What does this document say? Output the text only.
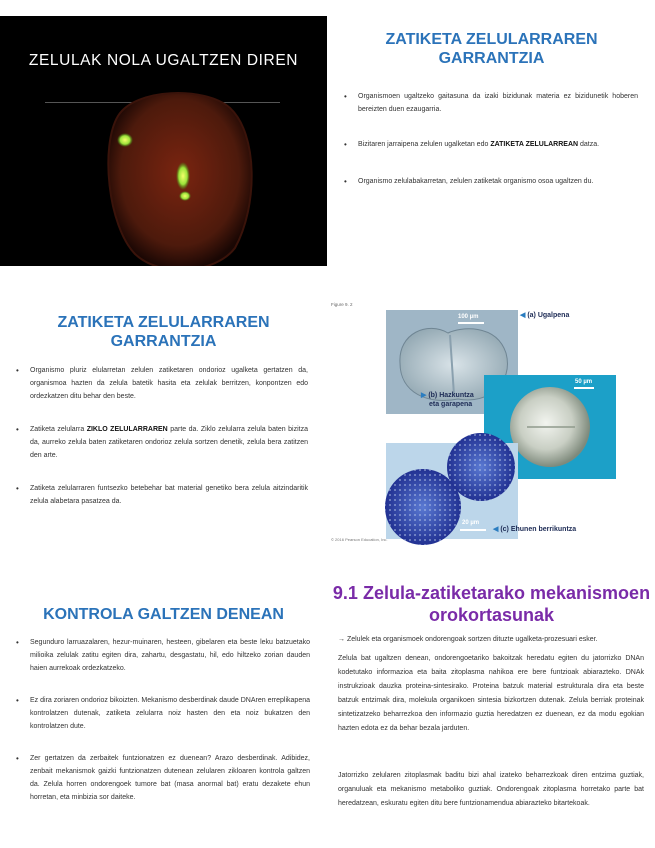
ZELULAK NOLA UGALTZEN DIREN
ZATIKETA ZELULARRAREN GARRANTZIA
• Organismoen ugaltzeko gaitasuna da izaki bizidunak materia ez bizidunetik hoberen bereizten duen ezaugarria.
• Bizitaren jarraipena zelulen ugalketan edo ZATIKETA ZELULARREAN datza.
• Organismo zelulabakarretan, zelulen zatiketak organismo osoa ugaltzen du.
ZATIKETA ZELULARRAREN GARRANTZIA
• Organismo pluriz elularretan zelulen zatiketaren ondorioz ugalketa gertatzen da, organismoa hazten da zelula batetik hasita eta zelulak berritzen, konpontzen edo ordezkatzen ditu behar den beste.
• Zatiketa zelularra ZIKLO ZELULARRAREN parte da. Ziklo zelularra zelula baten bizitza da, aurreko zelula baten zatiketaren ondorioz zelula sortzen denetik, zelula bera zatitzen den arte.
• Zatiketa zelularraren funtsezko betebehar bat material genetiko bera zelula aitzindaritik zelula alabetara pasatzea da.
Figure 9. 2
100 µm
50 µm
20 µm
◀ (a) Ugalpena
▶ (b) Hazkuntza
eta garapena
◀ (c) Ehunen berrikuntza
© 2016 Pearson Education, Inc.
KONTROLA GALTZEN DENEAN
• Segunduro larruazalaren, hezur-muinaren, hesteen, gibelaren eta beste leku batzuetako milioika zelulak zatitu egiten dira, zahartu, desgastatu, hil, edo hiltzeko zorian dauden haien aurrekoak ordezkatzeko.
• Ez dira zoriaren ondorioz bikoizten. Mekanismo desberdinak daude DNAren erreplikapena kontrolatzen dutenak, zatiketa zelularra noiz hasten den eta noiz bukatzen den kontrolatzen dute.
• Zer gertatzen da zerbaitek funtzionatzen ez duenean? Arazo desberdinak. Adibidez, zenbait mekanismok gaizki funtzionatzen dutenean zelularen zikloaren kontrola galtzen da. Zelula horren ondorengoek tumore bat (masa anormal bat) eratu dezakete ehun horretan, eta minbizia sor daiteke.
9.1 Zelula-zatiketarako mekanismoen orokortasunak

→ Zelulek eta organismoek ondorengoak sortzen dituzte ugalketa-prozesuari esker.

Zelula bat ugaltzen denean, ondorengoetariko bakoitzak heredatu egiten du jatorrizko DNAn kodetutako informazioa eta baita zitoplasma nahikoa ere bere funtzioak abiarazteko. DNAk instrukzioak dauzka proteina-sintesirako. Proteina batzuk material estrukturala dira eta beste batzuk entzimak dira, molekula organikoen sintesia bizkortzen dutenak. Zelula berriak proteinak sintetizatzeko beharrezkoa den informazio guztia heredatzen ez duenean, ez da modu egokian hazten edota ez da behar bezala jarduten.

Jatorrizko zelularen zitoplasmak baditu bizi ahal izateko beharrezkoak diren entzima guztiak, organuluak eta mekanismo metaboliko guztiak. Ondorengoak zitoplasma horretako parte bat heredatzean, eskuratu egiten ditu bere funtzionamendua abiarazteko bitartekoak.
